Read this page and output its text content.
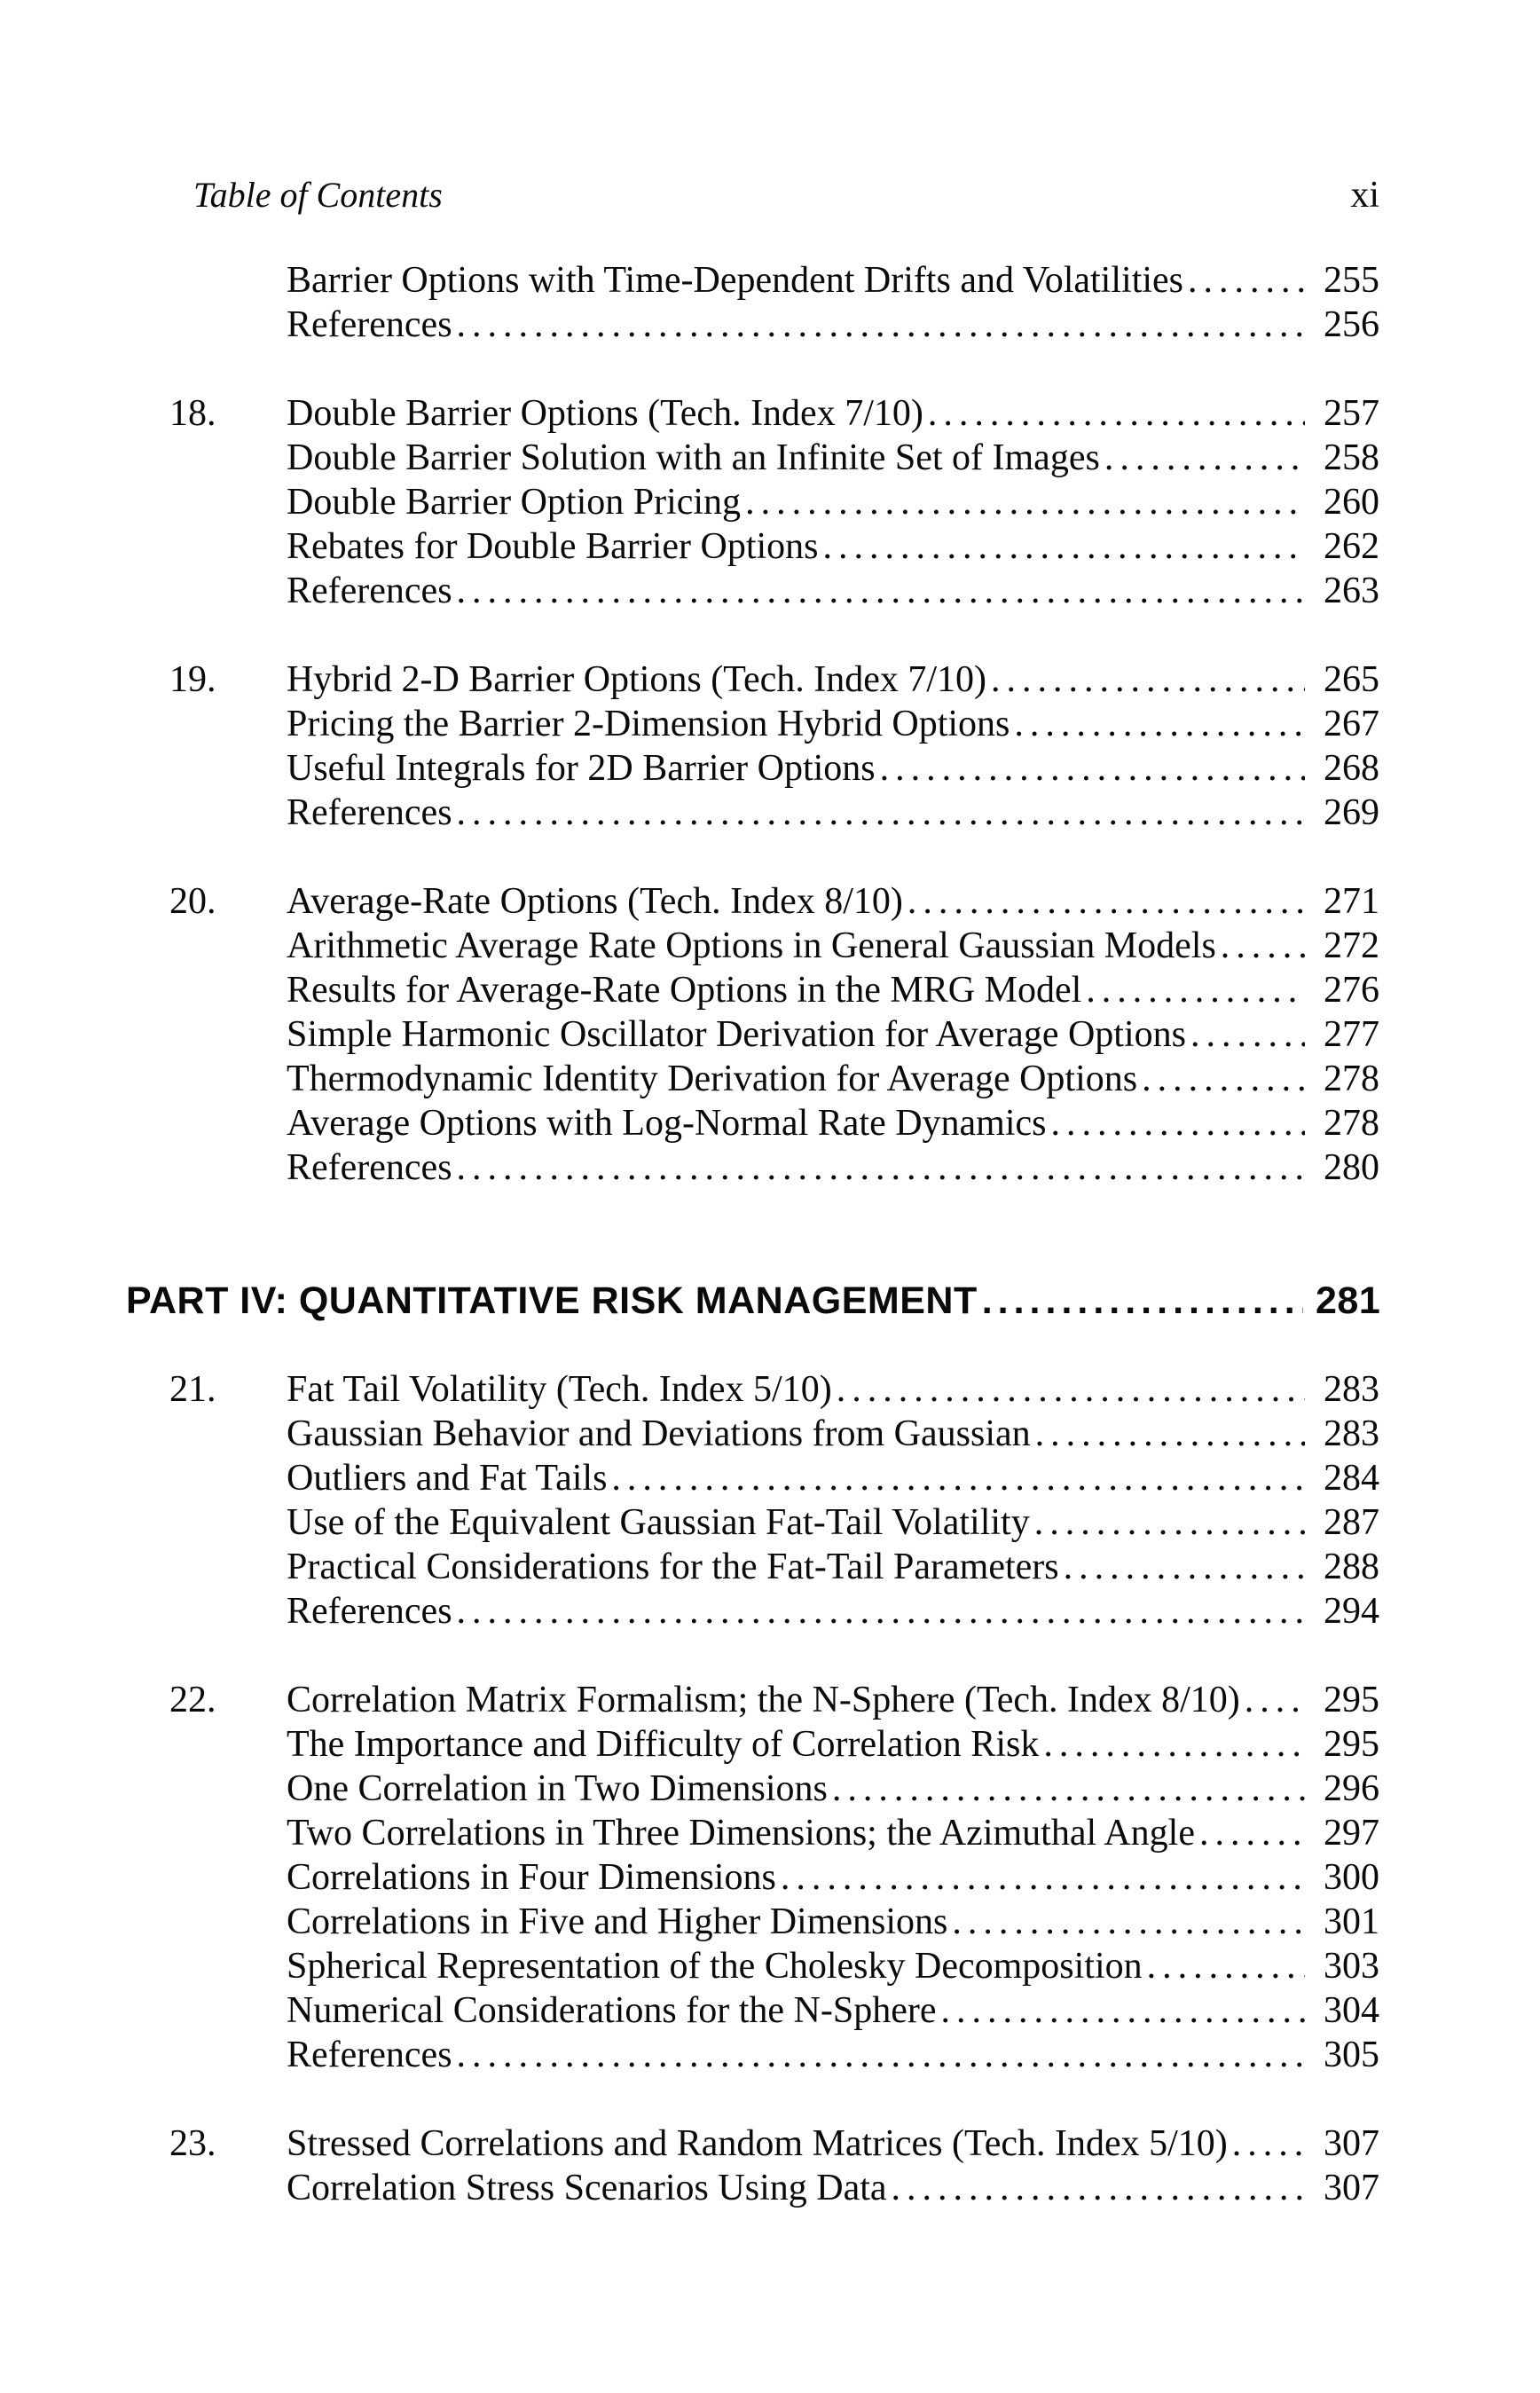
Table of Contents	xi
Barrier Options with Time-Dependent Drifts and Volatilities .....	255
References .....	256
18.	Double Barrier Options (Tech. Index 7/10) .....	257
Double Barrier Solution with an Infinite Set of Images .....	258
Double Barrier Option Pricing .....	260
Rebates for Double Barrier Options .....	262
References .....	263
19.	Hybrid 2-D Barrier Options (Tech. Index 7/10) .....	265
Pricing the Barrier 2-Dimension Hybrid Options .....	267
Useful Integrals for 2D Barrier Options .....	268
References .....	269
20.	Average-Rate Options (Tech. Index 8/10) .....	271
Arithmetic Average Rate Options in General Gaussian Models .....	272
Results for Average-Rate Options in the MRG Model .....	276
Simple Harmonic Oscillator Derivation for Average Options .....	277
Thermodynamic Identity Derivation for Average Options .....	278
Average Options with Log-Normal Rate Dynamics .....	278
References .....	280
PART IV: QUANTITATIVE RISK MANAGEMENT .....	281
21.	Fat Tail Volatility (Tech. Index 5/10) .....	283
Gaussian Behavior and Deviations from Gaussian .....	283
Outliers and Fat Tails .....	284
Use of the Equivalent Gaussian Fat-Tail Volatility .....	287
Practical Considerations for the Fat-Tail Parameters .....	288
References .....	294
22.	Correlation Matrix Formalism; the N-Sphere (Tech. Index 8/10) ..... 295
The Importance and Difficulty of Correlation Risk .....	295
One Correlation in Two Dimensions .....	296
Two Correlations in Three Dimensions; the Azimuthal Angle .....	297
Correlations in Four Dimensions .....	300
Correlations in Five and Higher Dimensions .....	301
Spherical Representation of the Cholesky Decomposition .....	303
Numerical Considerations for the N-Sphere .....	304
References .....	305
23.	Stressed Correlations and Random Matrices (Tech. Index 5/10) .....	307
Correlation Stress Scenarios Using Data .....	307
